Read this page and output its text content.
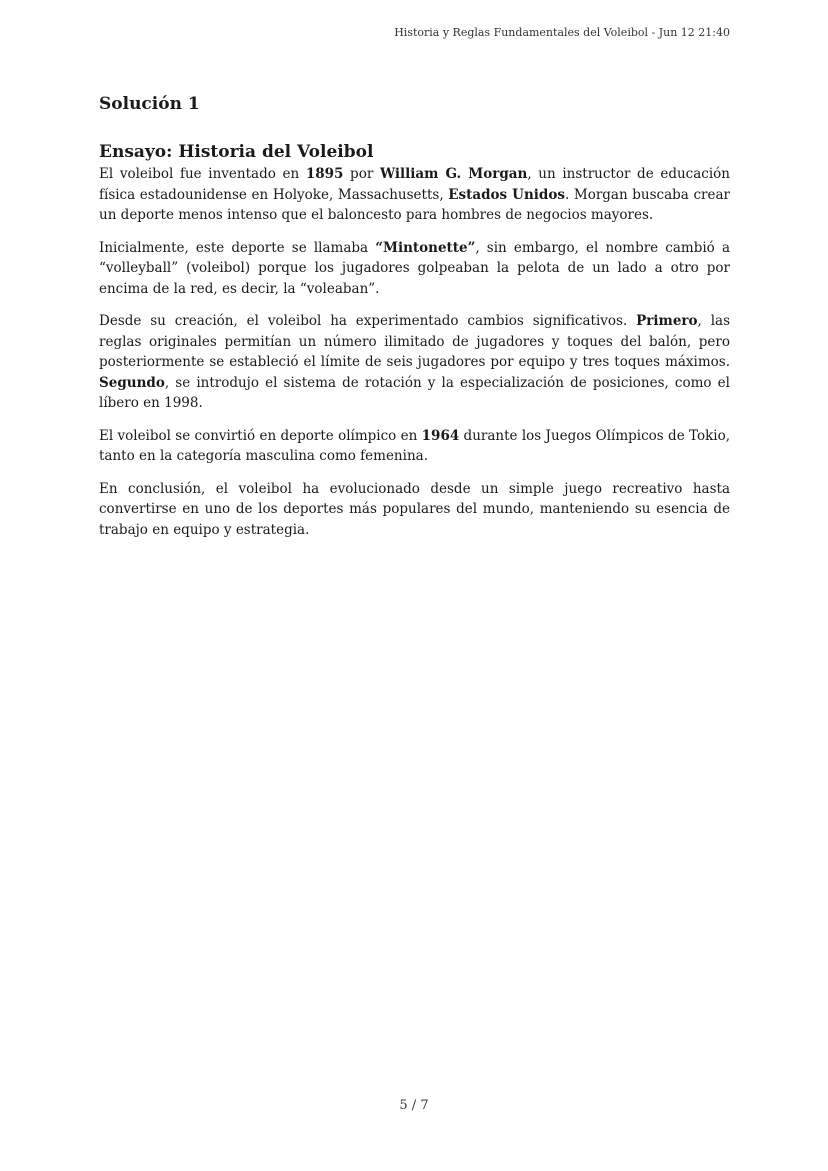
Historia y Reglas Fundamentales del Voleibol - Jun 12 21:40
Solución 1
Ensayo: Historia del Voleibol

El voleibol fue inventado en 1895 por William G. Morgan, un instructor de educación física estadounidense en Holyoke, Massachusetts, Estados Unidos. Morgan buscaba crear un deporte menos intenso que el baloncesto para hombres de negocios mayores.

Inicialmente, este deporte se llamaba “Mintonette”, sin embargo, el nombre cambió a “volleyball” (voleibol) porque los jugadores golpeaban la pelota de un lado a otro por encima de la red, es decir, la “voleaban”.

Desde su creación, el voleibol ha experimentado cambios significativos. Primero, las reglas originales permitían un número ilimitado de jugadores y toques del balón, pero posteriormente se estableció el límite de seis jugadores por equipo y tres toques máximos. Segundo, se introdujo el sistema de rotación y la especialización de posiciones, como el líbero en 1998.

El voleibol se convirtió en deporte olímpico en 1964 durante los Juegos Olímpicos de Tokio, tanto en la categoría masculina como femenina.

En conclusión, el voleibol ha evolucionado desde un simple juego recreativo hasta convertirse en uno de los deportes más populares del mundo, manteniendo su esencia de trabajo en equipo y estrategia.

5 / 7
